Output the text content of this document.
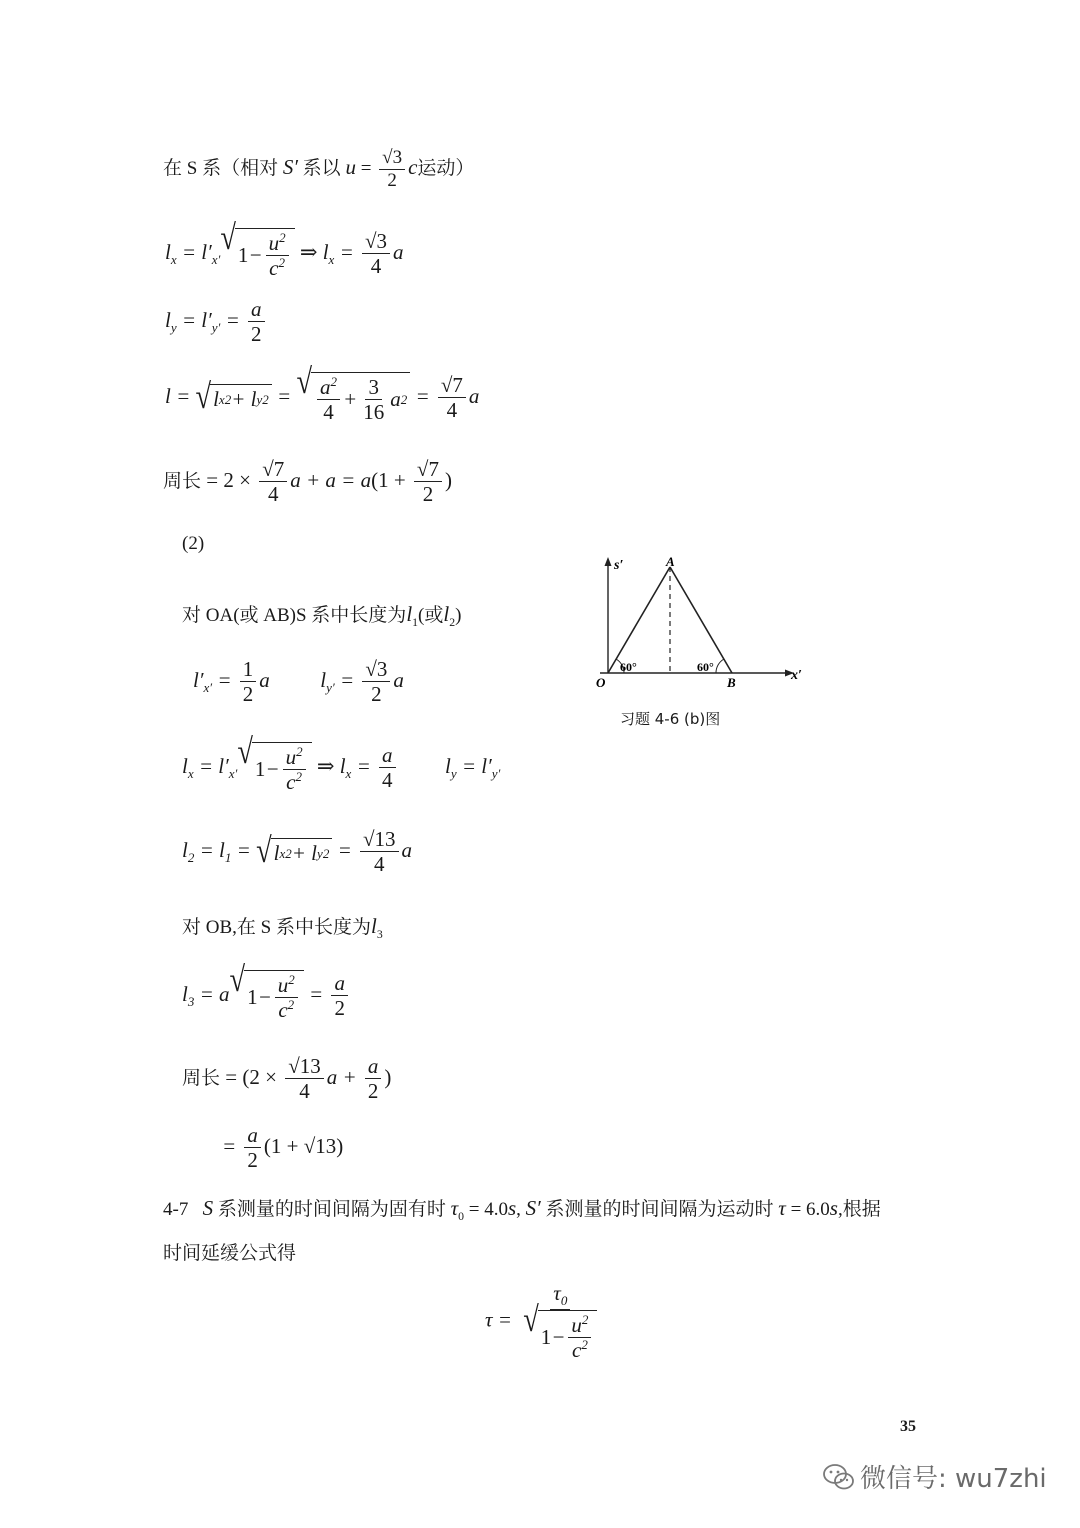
在 S 系（相对 S′ 系以 $u = \frac{√3}{2}$ c运动）
$l_x = l'_{x'}$
√ $1 - \frac{u^2}{c^2}$ ⇒ $l_x = \frac{√3}{4}$ a
$l_y = l'_{y'} = \frac{a}{2}$
l = √ l x 2 + l y 2 = √ $\frac{a^2}{4} + \frac{3}{16}$ a $2 = \frac{√7}{4}$ a
周长 = $2 \times \frac{√7}{4}$ $a + a = a(1 + \frac{√7}{2}$ )
(2)
对 OA(或 AB)S 系中长度为$l_1$(或$l_2$)
$l'_{x'} = \frac{1}{2}$ a  $l_{y'} = \frac{√3}{2}$ a
$l_x = l'_{x'}$
√ $1 - \frac{u^2}{c^2}$ ⇒ $l_x = \frac{a}{4} l_y = l'_{y'}$
$l_2 = l_1$ = √ l x 2 + l y $2 = \frac{√13}{4}$ a
对 OB,在 S 系中长度为$l_3$
$l_3 = a$ √ $1 - \frac{u^2}{c^2} = \frac{a}{2}$
周长 = ($2 \times \frac{√13}{4}$ $a + \frac{a}{2}$ )
= $\frac{a}{2} (1 + √13)$
4-7 S 系测量的时间间隔为固有时 $\tau_0 = 4.0s$, S′ 系测量的时间间隔为运动时 τ = 6.0s,根据
时间延缓公式得
$\tau = \frac{\tau_0}{√ 1 - \frac{u^2}{c^2}}$
s′
x′
A
O	B
60°	60°
习题 4-6 (b)图
35
微信号: wu7zhi
